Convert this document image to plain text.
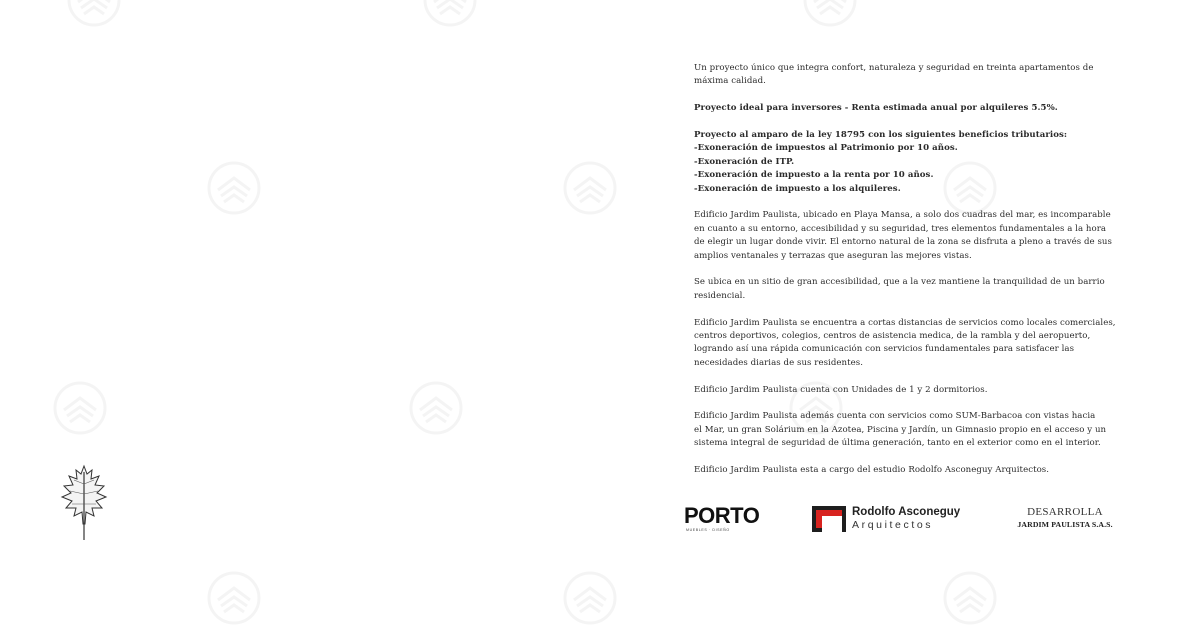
Un proyecto único que integra confort, naturaleza y seguridad en treinta apartamentos de
máxima calidad.

Proyecto ideal para inversores - Renta estimada anual por alquileres 5.5%.

Proyecto al amparo de la ley 18795 con los siguientes beneficios tributarios:
-Exoneración de impuestos al Patrimonio por 10 años.
-Exoneración de ITP.
-Exoneración de impuesto a la renta por 10 años.
-Exoneración de impuesto a los alquileres.

Edificio Jardim Paulista, ubicado en Playa Mansa, a solo dos cuadras del mar, es incomparable
en cuanto a su entorno, accesibilidad y su seguridad, tres elementos fundamentales a la hora
de elegir un lugar donde vivir. El entorno natural de la zona se disfruta a pleno a través de sus
amplios ventanales y terrazas que aseguran las mejores vistas.

Se ubica en un sitio de gran accesibilidad, que a la vez mantiene la tranquilidad de un barrio
residencial.

Edificio Jardim Paulista se encuentra a cortas distancias de servicios como locales comerciales,
centros deportivos, colegios, centros de asistencia medica, de la rambla y del aeropuerto,
logrando así una rápida comunicación con servicios fundamentales para satisfacer las
necesidades diarias de sus residentes.

Edificio Jardim Paulista cuenta con Unidades de 1 y 2 dormitorios.

Edificio Jardim Paulista además cuenta con servicios como SUM-Barbacoa con vistas hacia
el Mar, un gran Solárium en la Azotea, Piscina y Jardín, un Gimnasio propio en el acceso y un
sistema integral de seguridad de última generación, tanto en el exterior como en el interior.

Edificio Jardim Paulista esta a cargo del estudio Rodolfo Asconeguy Arquitectos.

PORTO
MUEBLES · DISEÑO
Rodolfo Asconeguy
Arquitectos
DESARROLLA
JARDIM PAULISTA S.A.S.
